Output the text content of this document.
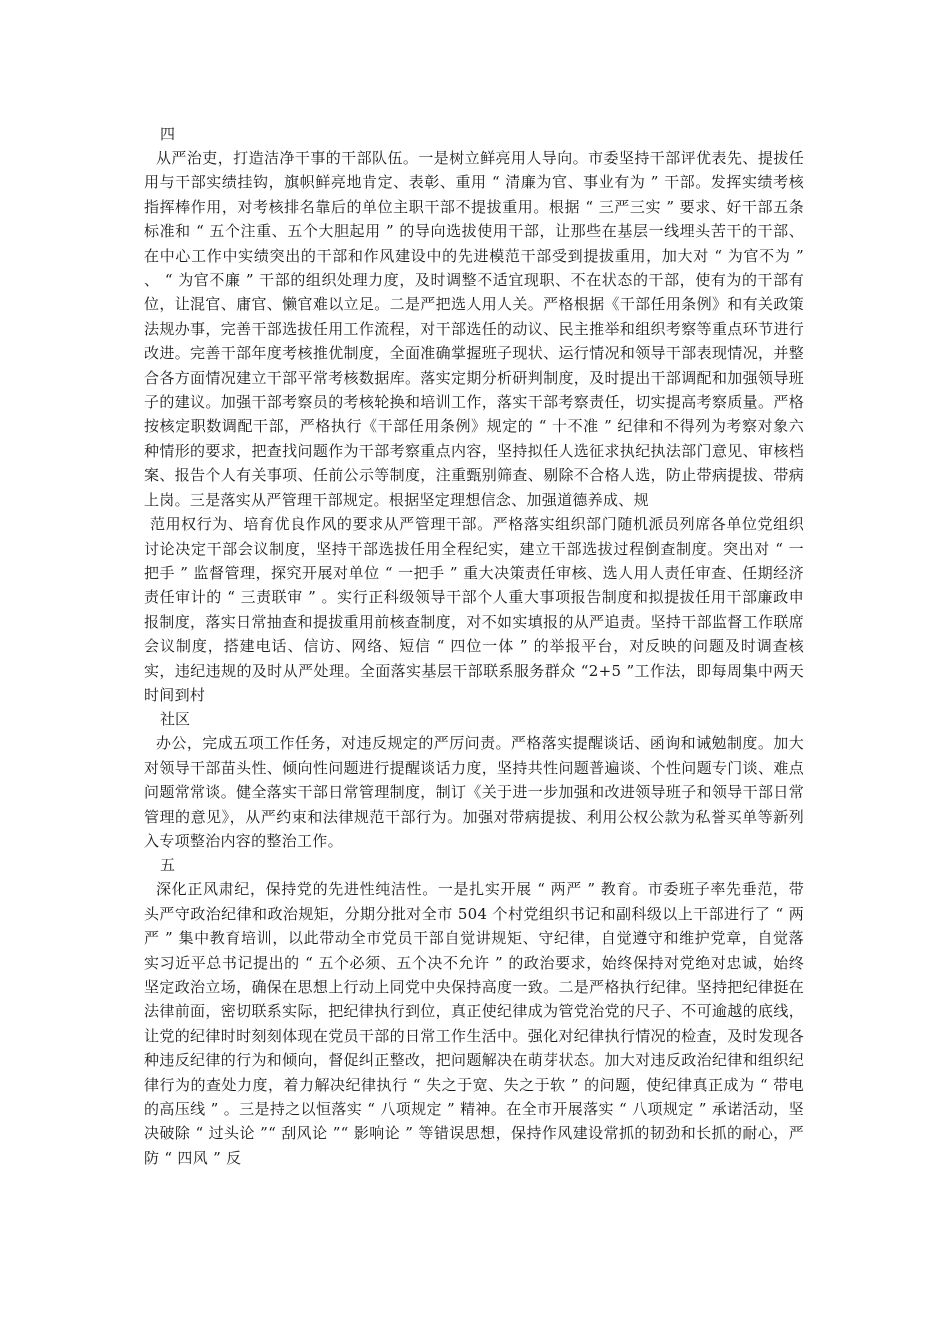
四

从严治吏，打造洁净干事的干部队伍。一是树立鲜亮用人导向。市委坚持干部评优表先、提拔任用与干部实绩挂钩，旗帜鲜亮地肯定、表彰、重用 “ 清廉为官、事业有为 ” 干部。发挥实绩考核指挥棒作用，对考核排名靠后的单位主职干部不提拔重用。根据 “ 三严三实 ” 要求、好干部五条标准和 “ 五个注重、五个大胆起用 ” 的导向选拔使用干部，让那些在基层一线埋头苦干的干部、在中心工作中实绩突出的干部和作风建设中的先进模范干部受到提拔重用，加大对 “ 为官不为 ” 、 “ 为官不廉 ” 干部的组织处理力度，及时调整不适宜现职、不在状态的干部，使有为的干部有位，让混官、庸官、懒官难以立足。二是严把选人用人关。严格根据《干部任用条例》和有关政策法规办事，完善干部选拔任用工作流程，对干部选任的动议、民主推举和组织考察等重点环节进行改进。完善干部年度考核推优制度，全面准确掌握班子现状、运行情况和领导干部表现情况，并整合各方面情况建立干部平常考核数据库。落实定期分析研判制度，及时提出干部调配和加强领导班子的建议。加强干部考察员的考核轮换和培训工作，落实干部考察责任，切实提高考察质量。严格按核定职数调配干部，严格执行《干部任用条例》规定的 “ 十不准 ” 纪律和不得列为考察对象六种情形的要求，把查找问题作为干部考察重点内容，坚持拟任人选征求执纪执法部门意见、审核档案、报告个人有关事项、任前公示等制度，注重甄别筛查、剔除不合格人选，防止带病提拔、带病上岗。三是落实从严管理干部规定。根据坚定理想信念、加强道德养成、规

范用权行为、培育优良作风的要求从严管理干部。严格落实组织部门随机派员列席各单位党组织讨论决定干部会议制度，坚持干部选拔任用全程纪实，建立干部选拔过程倒查制度。突出对 “ 一把手 ” 监督管理，探究开展对单位 “ 一把手 ” 重大决策责任审核、选人用人责任审查、任期经济责任审计的 “ 三责联审 ” 。实行正科级领导干部个人重大事项报告制度和拟提拔任用干部廉政申报制度，落实日常抽查和提拔重用前核查制度，对不如实填报的从严追责。坚持干部监督工作联席会议制度，搭建电话、信访、网络、短信 “ 四位一体 ” 的举报平台，对反映的问题及时调查核实，违纪违规的及时从严处理。全面落实基层干部联系服务群众 “2+5 ”工作法，即每周集中两天时间到村

社区

办公，完成五项工作任务，对违反规定的严厉问责。严格落实提醒谈话、函询和诫勉制度。加大对领导干部苗头性、倾向性问题进行提醒谈话力度，坚持共性问题普遍谈、个性问题专门谈、难点问题常常谈。健全落实干部日常管理制度，制订《关于进一步加强和改进领导班子和领导干部日常管理的意见》，从严约束和法律规范干部行为。加强对带病提拔、利用公权公款为私誉买单等新列入专项整治内容的整治工作。

五

深化正风肃纪，保持党的先进性纯洁性。一是扎实开展 “ 两严 ” 教育。市委班子率先垂范，带头严守政治纪律和政治规矩，分期分批对全市 504 个村党组织书记和副科级以上干部进行了 “ 两严 ” 集中教育培训，以此带动全市党员干部自觉讲规矩、守纪律，自觉遵守和维护党章，自觉落实习近平总书记提出的 “ 五个必须、五个决不允许 ” 的政治要求，始终保持对党绝对忠诚，始终坚定政治立场，确保在思想上行动上同党中央保持高度一致。二是严格执行纪律。坚持把纪律挺在法律前面，密切联系实际，把纪律执行到位，真正使纪律成为管党治党的尺子、不可逾越的底线，让党的纪律时时刻刻体现在党员干部的日常工作生活中。强化对纪律执行情况的检查，及时发现各种违反纪律的行为和倾向，督促纠正整改，把问题解决在萌芽状态。加大对违反政治纪律和组织纪律行为的查处力度，着力解决纪律执行 “ 失之于宽、失之于软 ” 的问题，使纪律真正成为 “ 带电的高压线 ” 。三是持之以恒落实 “ 八项规定 ” 精神。在全市开展落实 “ 八项规定 ” 承诺活动，坚决破除 “ 过头论 ”“ 刮风论 ”“ 影响论 ” 等错误思想，保持作风建设常抓的韧劲和长抓的耐心，严防 “ 四风 ” 反
